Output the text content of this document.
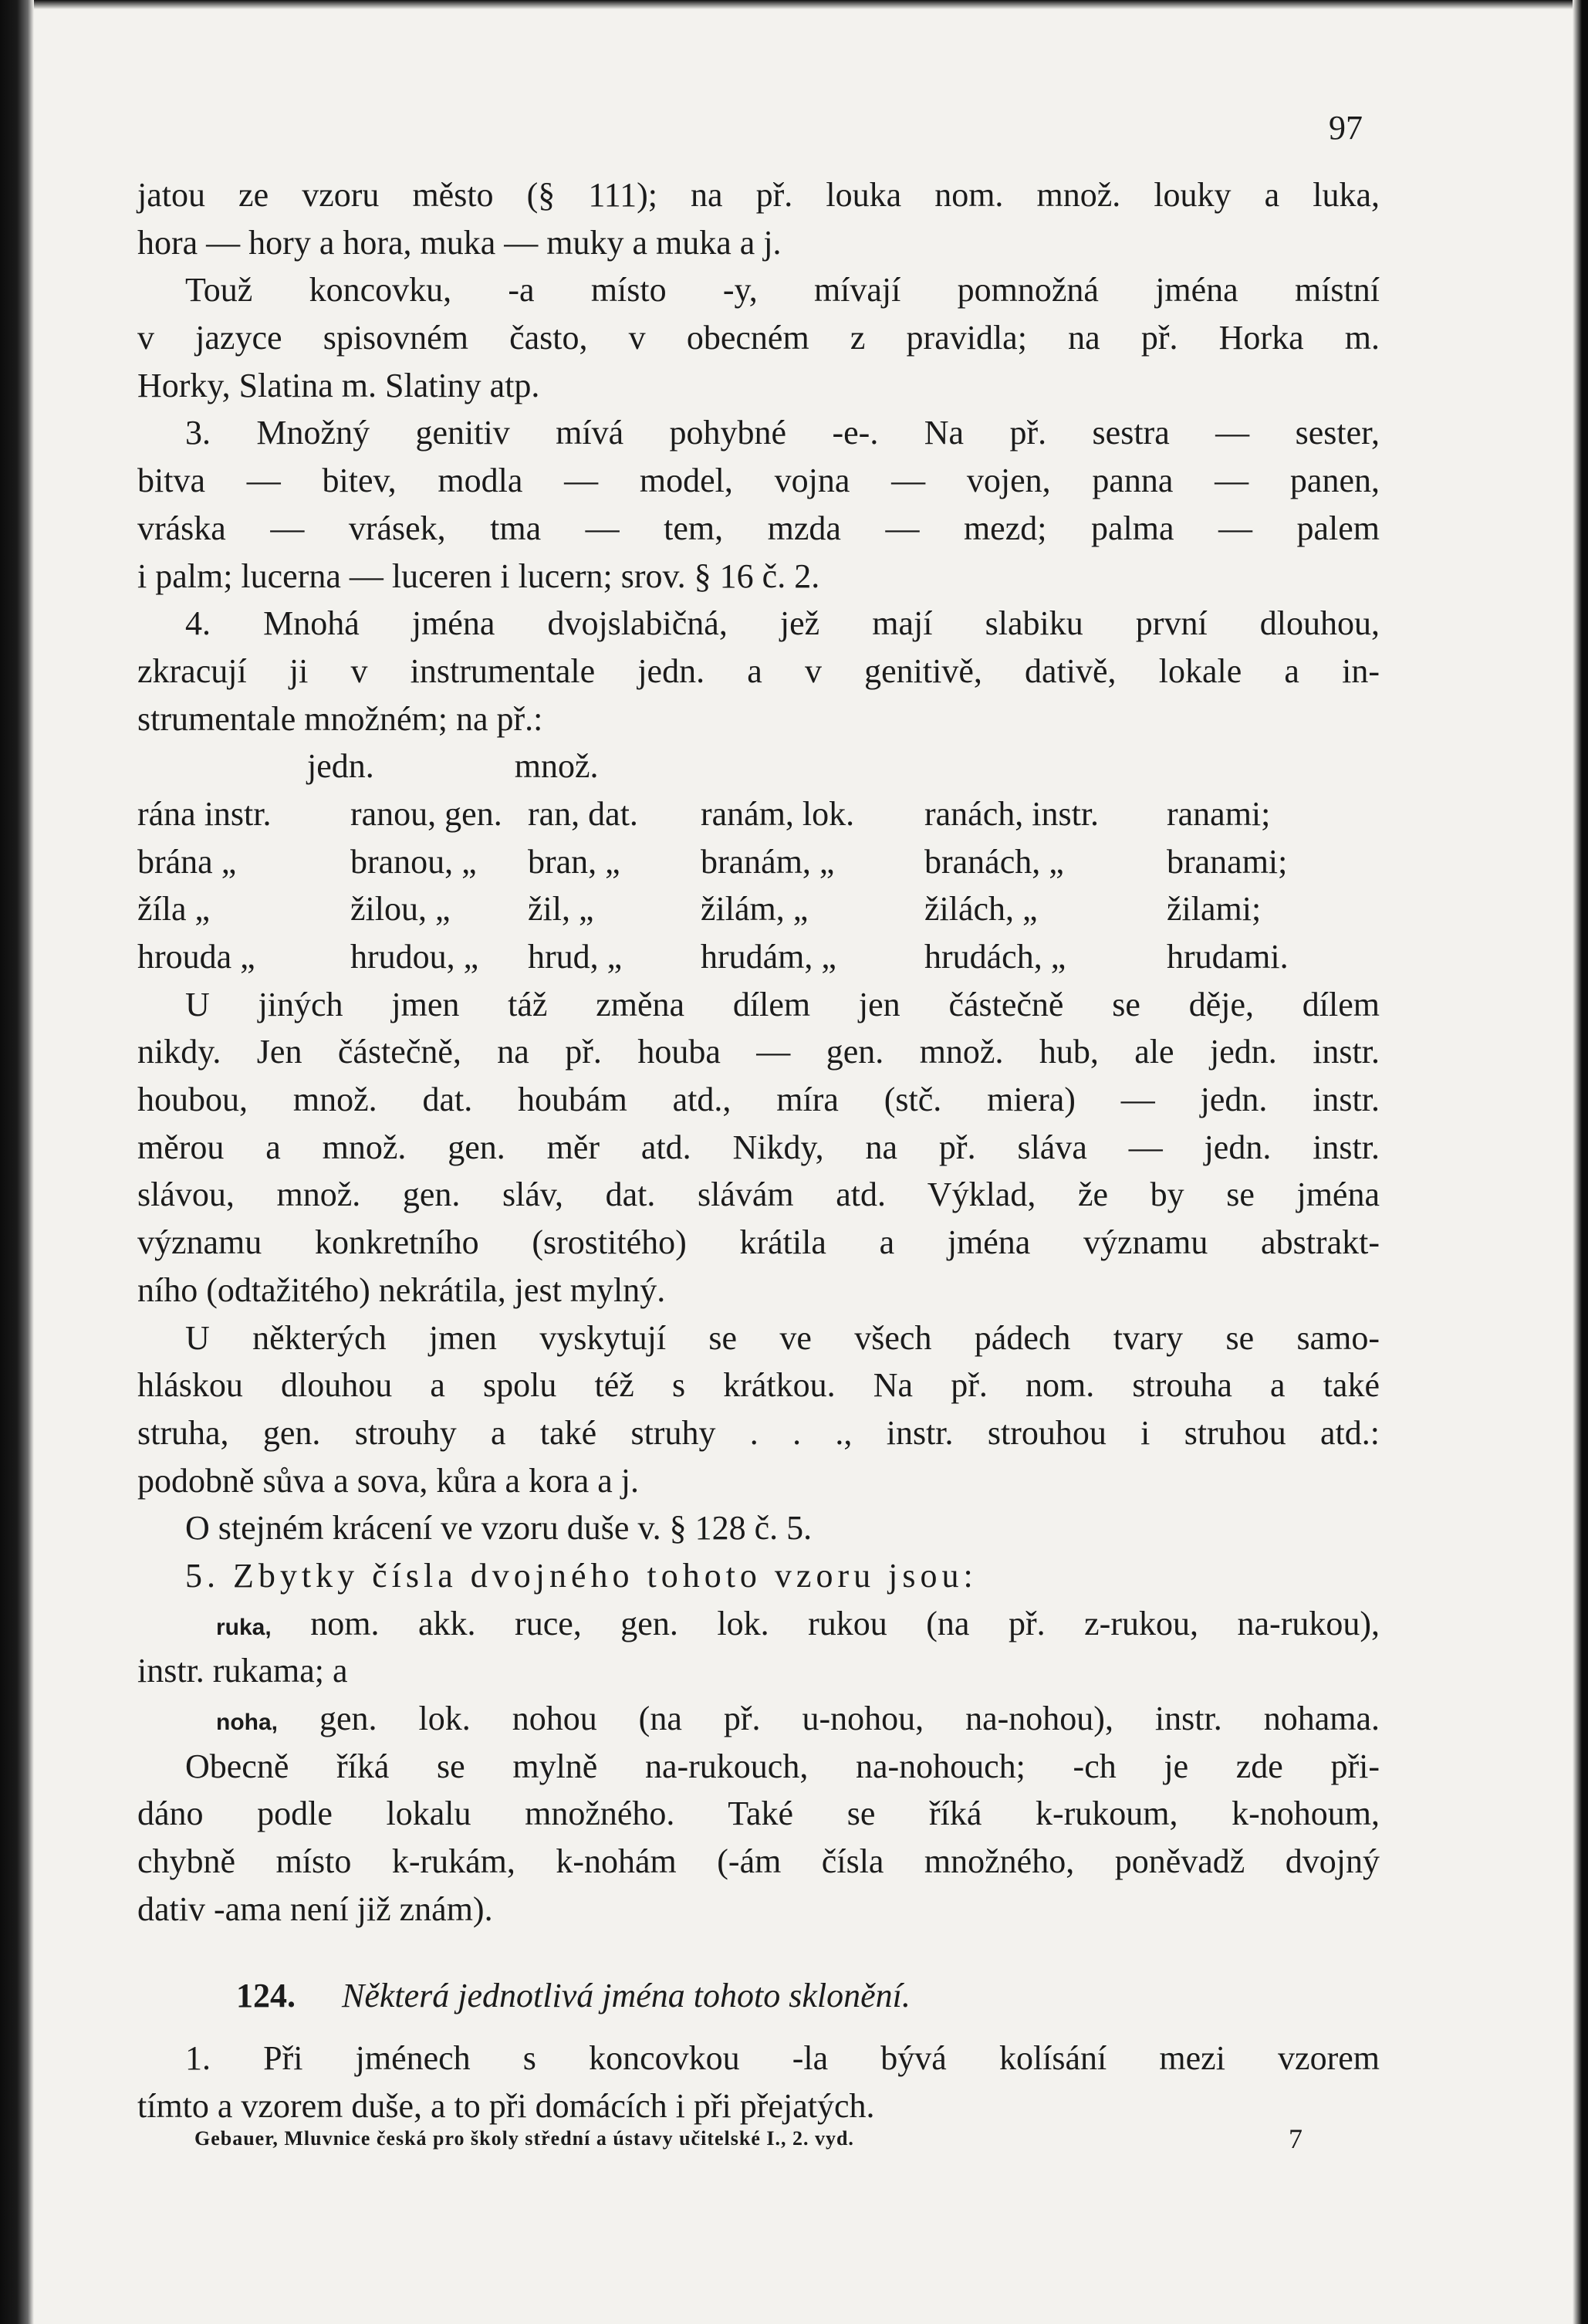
97
jatou ze vzoru město (§ 111); na př. louka nom. množ. louky a luka,
hora — hory a hora, muka — muky a muka a j.
Touž koncovku, -a místo -y, mívají pomnožná jména místní
v jazyce spisovném často, v obecném z pravidla; na př. Horka m.
Horky, Slatina m. Slatiny atp.
3. Množný genitiv mívá pohybné -e-. Na př. sestra — sester,
bitva — bitev, modla — model, vojna — vojen, panna — panen,
vráska — vrásek, tma — tem, mzda — mezd; palma — palem
i palm; lucerna — luceren i lucern; srov. § 16 č. 2.
4. Mnohá jména dvojslabičná, jež mají slabiku první dlouhou,
zkracují ji v instrumentale jedn. a v genitivě, dativě, lokale a in-
strumentale množném; na př.:
jedn.	množ.
rána instr.	ranou, gen. ran, dat.	ranám, lok.	ranách, instr.	ranami;
brána „	branou, „	bran, „	branám, „	branách, „	branami;
žíla „	žilou, „	žil, „	žilám, „	žilách, „	žilami;
hrouda „	hrudou, „	hrud, „	hrudám, „	hrudách, „	hrudami.
U jiných jmen táž změna dílem jen částečně se děje, dílem
nikdy. Jen částečně, na př. houba — gen. množ. hub, ale jedn. instr.
houbou, množ. dat. houbám atd., míra (stč. miera) — jedn. instr.
měrou a množ. gen. měr atd. Nikdy, na př. sláva — jedn. instr.
slávou, množ. gen. sláv, dat. slávám atd. Výklad, že by se jména
významu konkretního (srostitého) krátila a jména významu abstrakt-
ního (odtažitého) nekrátila, jest mylný.
U některých jmen vyskytují se ve všech pádech tvary se samo-
hláskou dlouhou a spolu též s krátkou. Na př. nom. strouha a také
struha, gen. strouhy a také struhy . . ., instr. strouhou i struhou atd.:
podobně sůva a sova, kůra a kora a j.
O stejném krácení ve vzoru duše v. § 128 č. 5.
5. Zbytky čísla dvojného tohoto vzoru jsou:
ruka, nom. akk. ruce, gen. lok. rukou (na př. z-rukou, na-rukou),
instr. rukama; a
noha, gen. lok. nohou (na př. u-nohou, na-nohou), instr. nohama.
Obecně říká se mylně na-rukouch, na-nohouch; -ch je zde při-
dáno podle lokalu množného. Také se říká k-rukoum, k-nohoum,
chybně místo k-rukám, k-nohám (-ám čísla množného, poněvadž dvojný
dativ -ama není již znám).
124. Některá jednotlivá jména tohoto sklonění.
1. Při jménech s koncovkou -la bývá kolísání mezi vzorem
tímto a vzorem duše, a to při domácích i při přejatých.
Gebauer, Mluvnice česká pro školy střední a ústavy učitelské I., 2. vyd.	7
